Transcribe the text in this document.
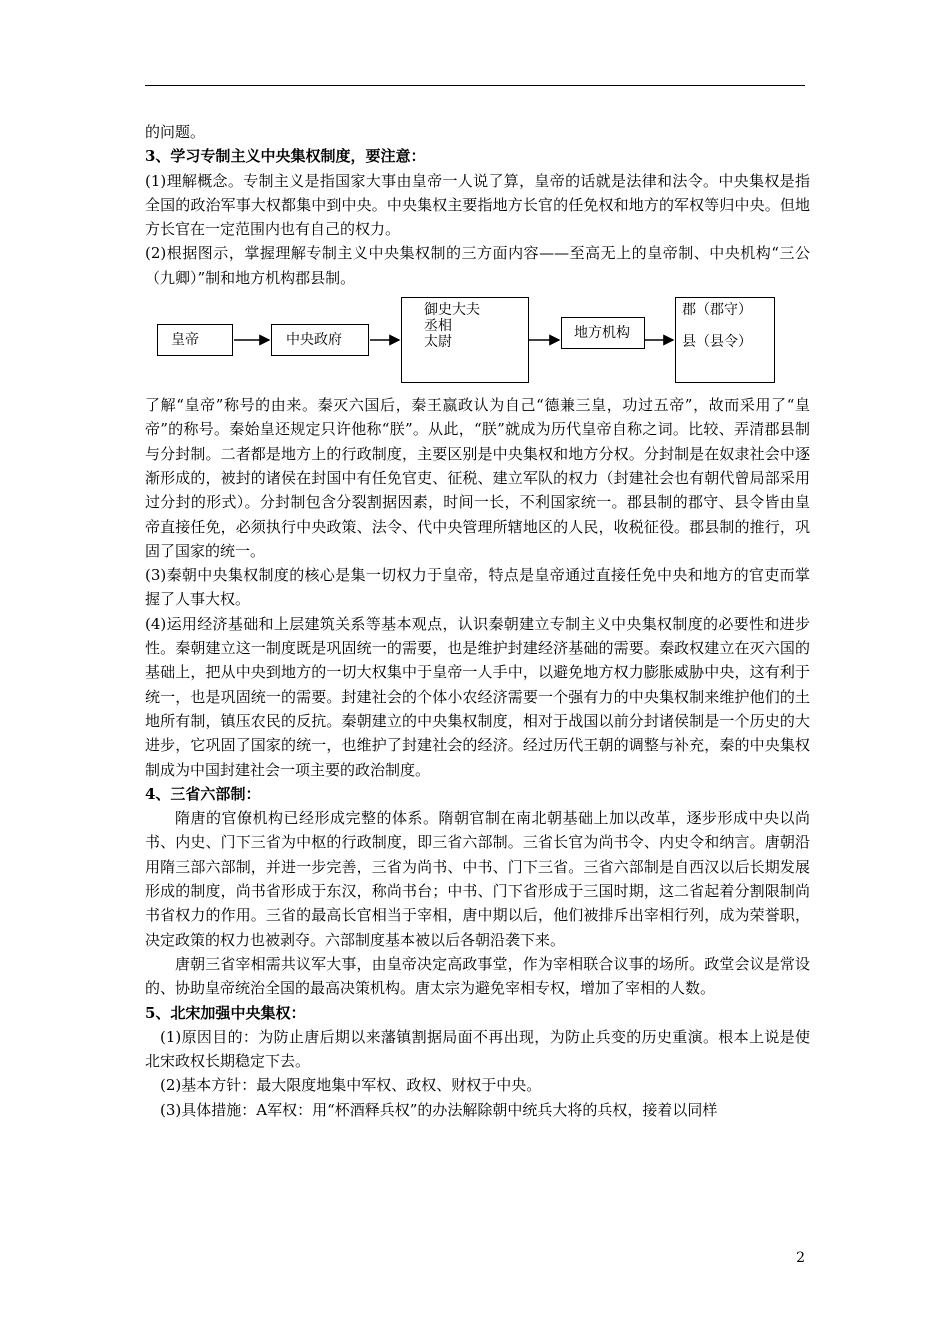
的问题。

3、学习专制主义中央集权制度，要注意：

(1)理解概念。专制主义是指国家大事由皇帝一人说了算，皇帝的话就是法律和法令。中央集权是指全国的政治军事大权都集中到中央。中央集权主要指地方长官的任免权和地方的军权等归中央。但地方长官在一定范围内也有自己的权力。

(2)根据图示，掌握理解专制主义中央集权制的三方面内容——至高无上的皇帝制、中央机构“三公（九卿）”制和地方机构郡县制。

皇帝	中央政府
御史大夫
丞相
太尉
地方机构
郡（郡守）
县（县令）

了解“皇帝”称号的由来。秦灭六国后，秦王嬴政认为自己“德兼三皇，功过五帝”，故而采用了“皇帝”的称号。秦始皇还规定只许他称“朕”。从此，“朕”就成为历代皇帝自称之词。比较、弄清郡县制与分封制。二者都是地方上的行政制度，主要区别是中央集权和地方分权。分封制是在奴隶社会中逐渐形成的，被封的诸侯在封国中有任免官吏、征税、建立军队的权力（封建社会也有朝代曾局部采用过分封的形式）。分封制包含分裂割据因素，时间一长，不利国家统一。郡县制的郡守、县令皆由皇帝直接任免，必须执行中央政策、法令、代中央管理所辖地区的人民，收税征役。郡县制的推行，巩固了国家的统一。

(3)秦朝中央集权制度的核心是集一切权力于皇帝，特点是皇帝通过直接任免中央和地方的官吏而掌握了人事大权。

(4)运用经济基础和上层建筑关系等基本观点，认识秦朝建立专制主义中央集权制度的必要性和进步性。秦朝建立这一制度既是巩固统一的需要，也是维护封建经济基础的需要。秦政权建立在灭六国的基础上，把从中央到地方的一切大权集中于皇帝一人手中，以避免地方权力膨胀威胁中央，这有利于统一，也是巩固统一的需要。封建社会的个体小农经济需要一个强有力的中央集权制来维护他们的土地所有制，镇压农民的反抗。秦朝建立的中央集权制度，相对于战国以前分封诸侯制是一个历史的大进步，它巩固了国家的统一，也维护了封建社会的经济。经过历代王朝的调整与补充，秦的中央集权制成为中国封建社会一项主要的政治制度。

4、三省六部制：

隋唐的官僚机构已经形成完整的体系。隋朝官制在南北朝基础上加以改革，逐步形成中央以尚书、内史、门下三省为中枢的行政制度，即三省六部制。三省长官为尚书令、内史令和纳言。唐朝沿用隋三部六部制，并进一步完善，三省为尚书、中书、门下三省。三省六部制是自西汉以后长期发展形成的制度，尚书省形成于东汉，称尚书台；中书、门下省形成于三国时期，这二省起着分割限制尚书省权力的作用。三省的最高长官相当于宰相，唐中期以后，他们被排斥出宰相行列，成为荣誉职，决定政策的权力也被剥夺。六部制度基本被以后各朝沿袭下来。

唐朝三省宰相需共议军大事，由皇帝决定高政事堂，作为宰相联合议事的场所。政堂会议是常设的、协助皇帝统治全国的最高决策机构。唐太宗为避免宰相专权，增加了宰相的人数。

5、北宋加强中央集权：

(1)原因目的：为防止唐后期以来藩镇割据局面不再出现，为防止兵变的历史重演。根本上说是使北宋政权长期稳定下去。

(2)基本方针：最大限度地集中军权、政权、财权于中央。

(3)具体措施：A军权：用“杯酒释兵权”的办法解除朝中统兵大将的兵权，接着以同样

2
